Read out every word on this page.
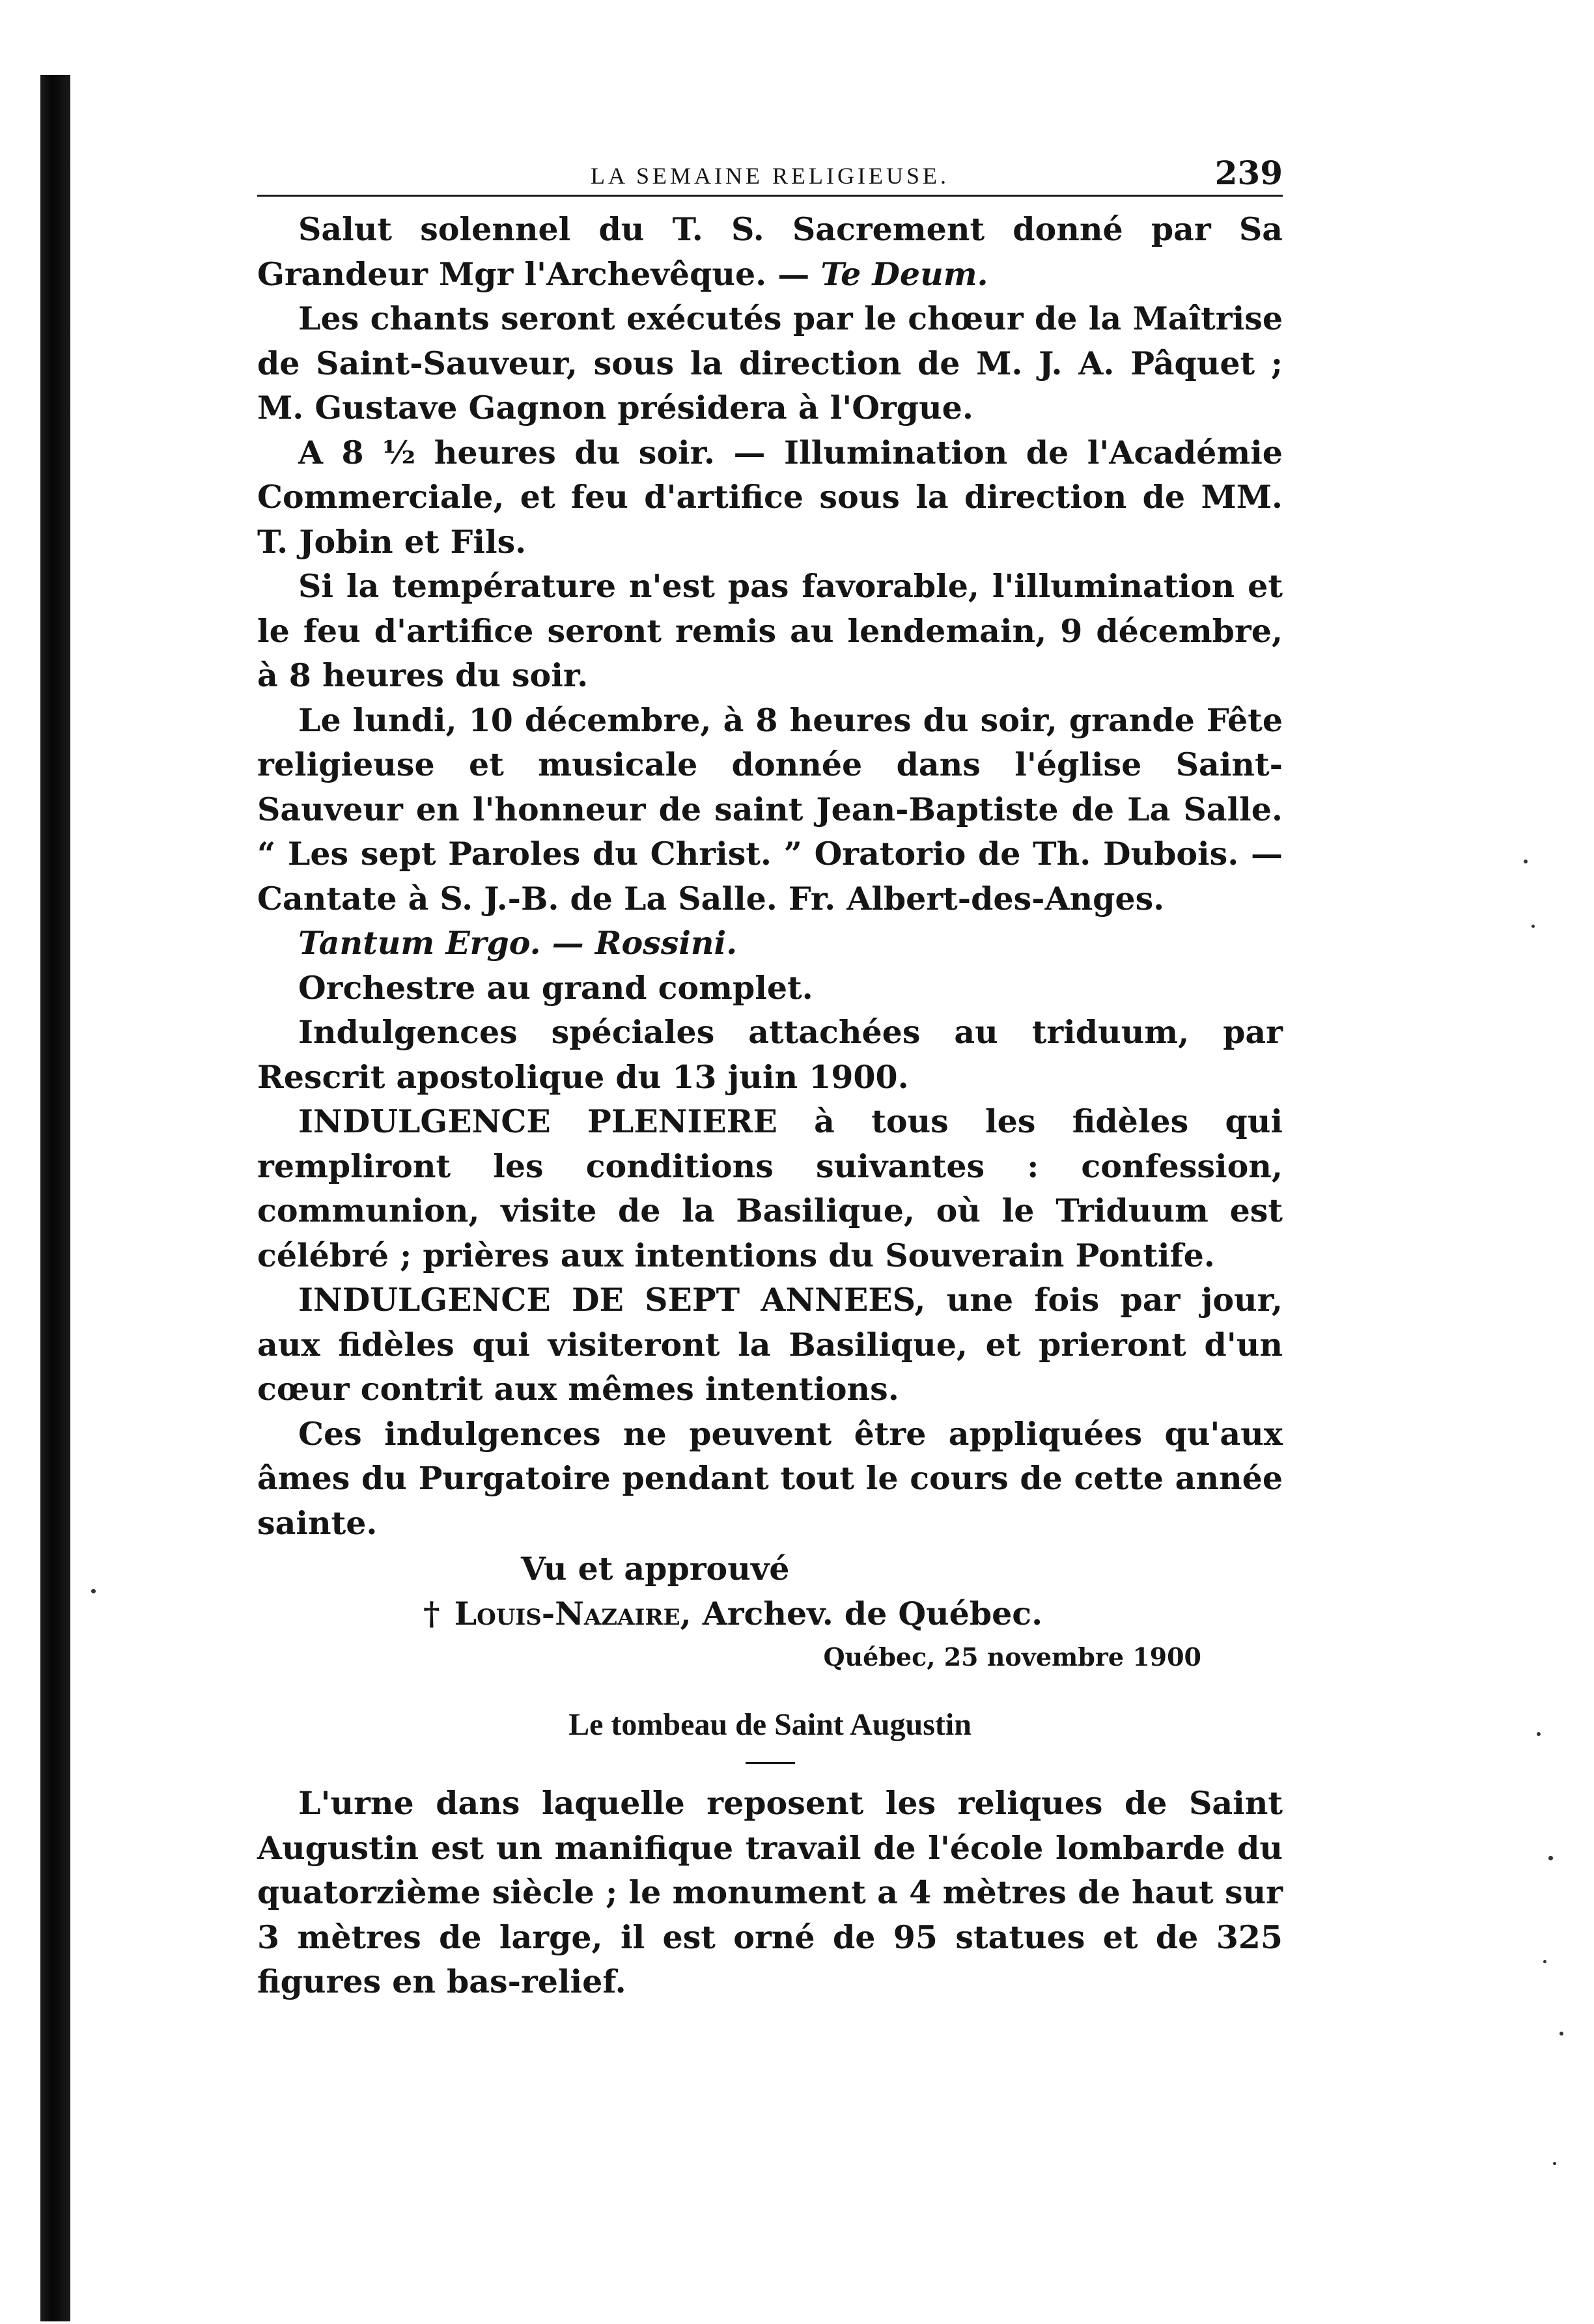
LA SEMAINE RELIGIEUSE.	239

Salut solennel du T. S. Sacrement donné par Sa Grandeur Mgr l'Archevêque. — Te Deum.

Les chants seront exécutés par le chœur de la Maîtrise de Saint-Sauveur, sous la direction de M. J. A. Pâquet ; M. Gustave Gagnon présidera à l'Orgue.

A 8 ½ heures du soir. — Illumination de l'Académie Commerciale, et feu d'artifice sous la direction de MM. T. Jobin et Fils.

Si la température n'est pas favorable, l'illumination et le feu d'artifice seront remis au lendemain, 9 décembre, à 8 heures du soir.

Le lundi, 10 décembre, à 8 heures du soir, grande Fête religieuse et musicale donnée dans l'église Saint-Sauveur en l'honneur de saint Jean-Baptiste de La Salle. “ Les sept Paroles du Christ. ” Oratorio de Th. Dubois. — Cantate à S. J.-B. de La Salle. Fr. Albert-des-Anges.

Tantum Ergo. — Rossini.

Orchestre au grand complet.

Indulgences spéciales attachées au triduum, par Rescrit apostolique du 13 juin 1900.

INDULGENCE PLENIERE à tous les fidèles qui rempliront les conditions suivantes : confession, communion, visite de la Basilique, où le Triduum est célébré ; prières aux intentions du Souverain Pontife.

INDULGENCE DE SEPT ANNEES, une fois par jour, aux fidèles qui visiteront la Basilique, et prieront d'un cœur contrit aux mêmes intentions.

Ces indulgences ne peuvent être appliquées qu'aux âmes du Purgatoire pendant tout le cours de cette année sainte.

Vu et approuvé

† Louis-Nazaire, Archev. de Québec.

Québec, 25 novembre 1900

Le tombeau de Saint Augustin

L'urne dans laquelle reposent les reliques de Saint Augustin est un manifique travail de l'école lombarde du quatorzième siècle ; le monument a 4 mètres de haut sur 3 mètres de large, il est orné de 95 statues et de 325 figures en bas-relief.
